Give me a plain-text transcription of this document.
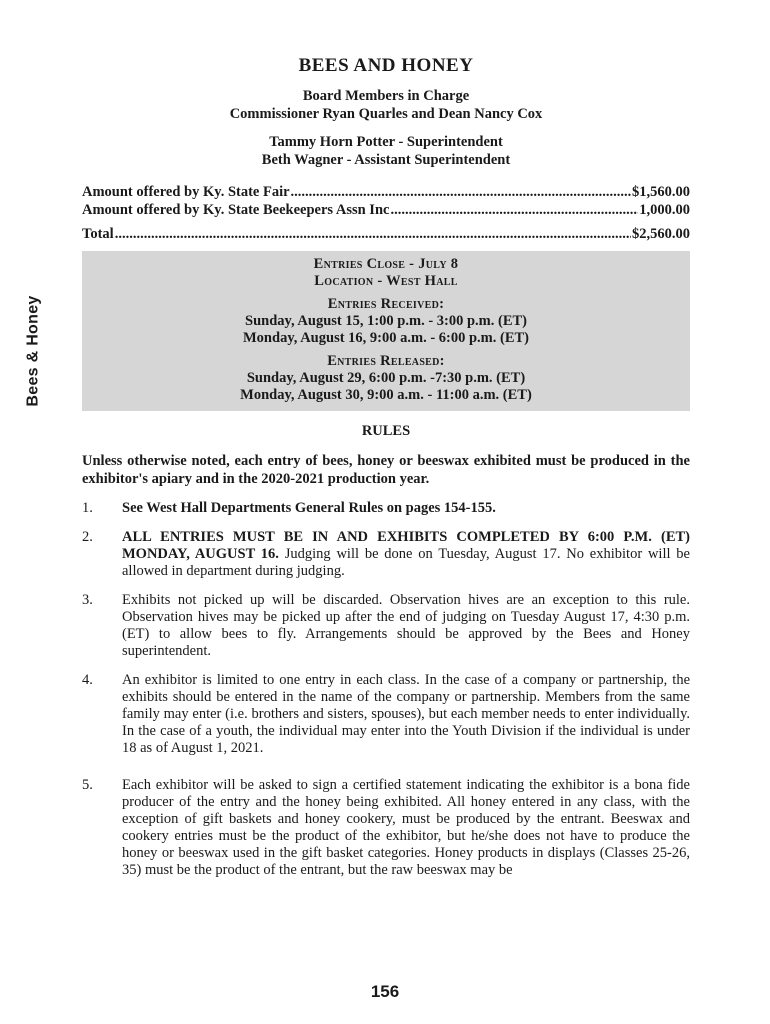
Bees & Honey
BEES AND HONEY
Board Members in Charge
Commissioner Ryan Quarles and Dean Nancy Cox
Tammy Horn Potter - Superintendent
Beth Wagner - Assistant Superintendent
Amount offered by Ky. State Fair .....	$1,560.00
Amount offered by Ky. State Beekeepers Assn Inc .....	1,000.00
Total .....	$2,560.00
Entries Close - July 8
Location - West Hall
Entries Received:
Sunday, August 15, 1:00 p.m. - 3:00 p.m. (ET)
Monday, August 16, 9:00 a.m. - 6:00 p.m. (ET)
Entries Released:
Sunday, August 29, 6:00 p.m. -7:30 p.m. (ET)
Monday, August 30, 9:00 a.m. - 11:00 a.m. (ET)
RULES
Unless otherwise noted, each entry of bees, honey or beeswax exhibited must be produced in the exhibitor's apiary and in the 2020-2021 production year.
1.	See West Hall Departments General Rules on pages 154-155.
2.	ALL ENTRIES MUST BE IN AND EXHIBITS COMPLETED BY 6:00 P.M. (ET) MONDAY, AUGUST 16. Judging will be done on Tuesday, August 17. No exhibitor will be allowed in department during judging.
3.	Exhibits not picked up will be discarded. Observation hives are an exception to this rule. Observation hives may be picked up after the end of judging on Tuesday August 17, 4:30 p.m. (ET) to allow bees to fly. Arrangements should be approved by the Bees and Honey superintendent.
4.	An exhibitor is limited to one entry in each class. In the case of a company or partnership, the exhibits should be entered in the name of the company or partnership. Members from the same family may enter (i.e. brothers and sisters, spouses), but each member needs to enter individually. In the case of a youth, the individual may enter into the Youth Division if the individual is under 18 as of August 1, 2021.
5.	Each exhibitor will be asked to sign a certified statement indicating the exhibitor is a bona fide producer of the entry and the honey being exhibited. All honey entered in any class, with the exception of gift baskets and honey cookery, must be produced by the entrant. Beeswax and cookery entries must be the product of the exhibitor, but he/she does not have to produce the honey or beeswax used in the gift basket categories. Honey products in displays (Classes 25-26, 35) must be the product of the entrant, but the raw beeswax may be
156
